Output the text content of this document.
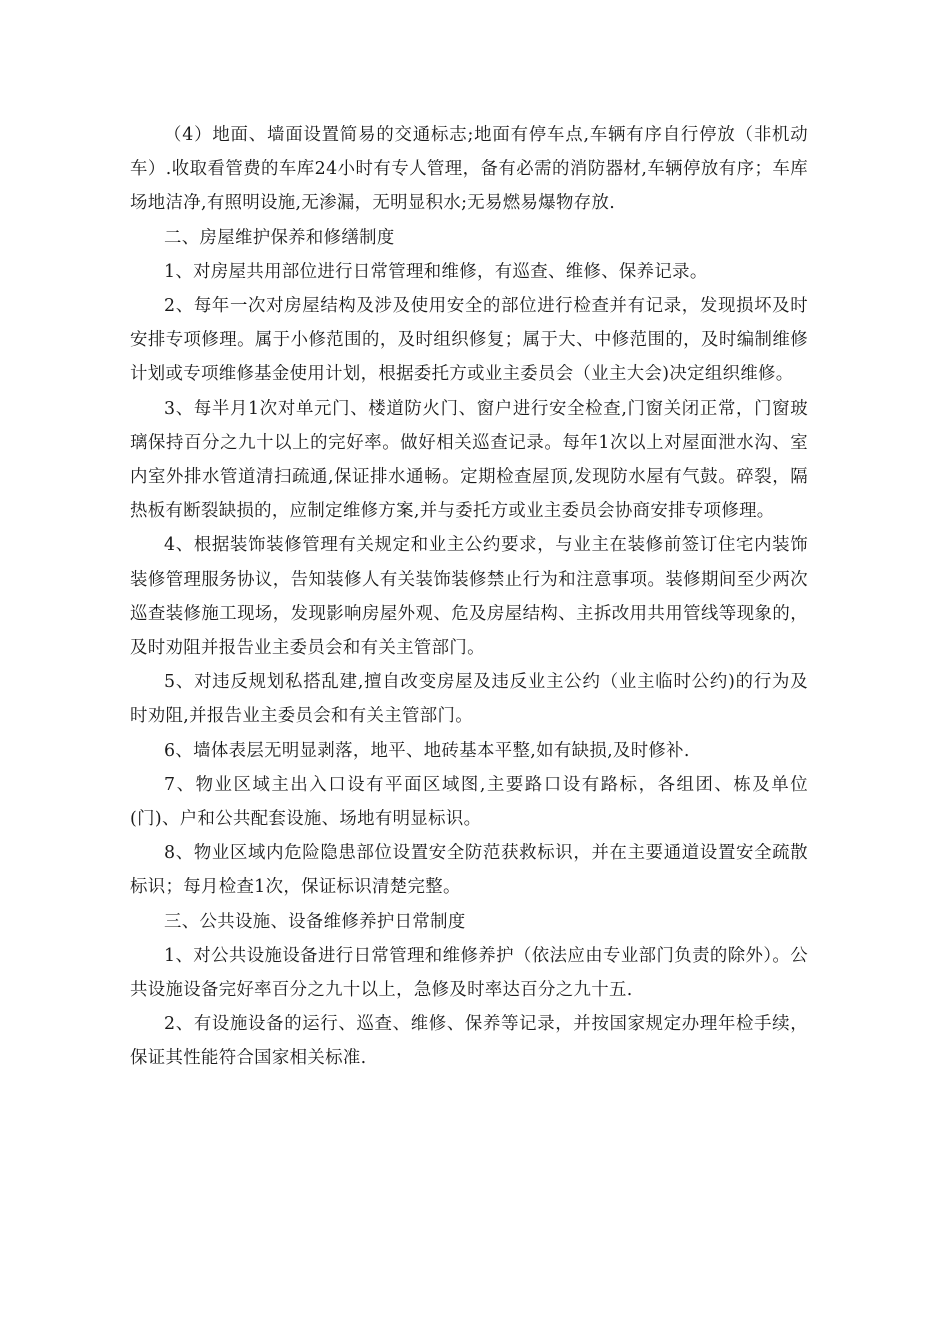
（4）地面、墙面设置简易的交通标志;地面有停车点,车辆有序自行停放（非机动车）.收取看管费的车库24小时有专人管理，备有必需的消防器材,车辆停放有序；车库场地洁净,有照明设施,无渗漏，无明显积水;无易燃易爆物存放.

二、房屋维护保养和修缮制度

1、对房屋共用部位进行日常管理和维修，有巡查、维修、保养记录。

2、每年一次对房屋结构及涉及使用安全的部位进行检查并有记录，发现损坏及时安排专项修理。属于小修范围的，及时组织修复；属于大、中修范围的，及时编制维修计划或专项维修基金使用计划，根据委托方或业主委员会（业主大会)决定组织维修。

3、每半月1次对单元门、楼道防火门、窗户进行安全检查,门窗关闭正常，门窗玻璃保持百分之九十以上的完好率。做好相关巡查记录。每年1次以上对屋面泄水沟、室内室外排水管道清扫疏通,保证排水通畅。定期检查屋顶,发现防水屋有气鼓。碎裂，隔热板有断裂缺损的，应制定维修方案,并与委托方或业主委员会协商安排专项修理。

4、根据装饰装修管理有关规定和业主公约要求，与业主在装修前签订住宅内装饰装修管理服务协议，告知装修人有关装饰装修禁止行为和注意事项。装修期间至少两次巡查装修施工现场，发现影响房屋外观、危及房屋结构、主拆改用共用管线等现象的，及时劝阻并报告业主委员会和有关主管部门。

5、对违反规划私搭乱建,擅自改变房屋及违反业主公约（业主临时公约)的行为及时劝阻,并报告业主委员会和有关主管部门。

6、墙体表层无明显剥落，地平、地砖基本平整,如有缺损,及时修补.

7、物业区域主出入口设有平面区域图,主要路口设有路标，各组团、栋及单位(门)、户和公共配套设施、场地有明显标识。

8、物业区域内危险隐患部位设置安全防范获救标识，并在主要通道设置安全疏散标识；每月检查1次，保证标识清楚完整。

三、公共设施、设备维修养护日常制度

1、对公共设施设备进行日常管理和维修养护（依法应由专业部门负责的除外）。公共设施设备完好率百分之九十以上，急修及时率达百分之九十五.

2、有设施设备的运行、巡查、维修、保养等记录，并按国家规定办理年检手续，保证其性能符合国家相关标准.
